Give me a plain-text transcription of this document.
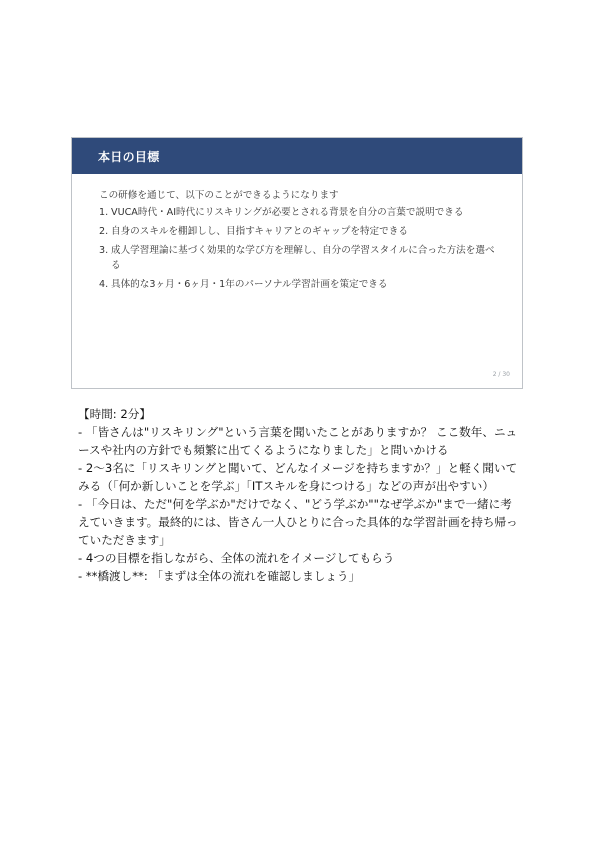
本日の目標
この研修を通じて、以下のことができるようになります
1. VUCA時代・AI時代にリスキリングが必要とされる背景を自分の言葉で説明できる
2. 自身のスキルを棚卸しし、目指すキャリアとのギャップを特定できる
3. 成人学習理論に基づく効果的な学び方を理解し、自分の学習スタイルに合った方法を選べる
4. 具体的な3ヶ月・6ヶ月・1年のパーソナル学習計画を策定できる
2 / 30

【時間: 2分】

- 「皆さんは"リスキリング"という言葉を聞いたことがありますか？ ここ数年、ニュースや社内の方針でも頻繁に出てくるようになりました」と問いかける

- 2〜3名に「リスキリングと聞いて、どんなイメージを持ちますか？」と軽く聞いてみる（「何か新しいことを学ぶ」「ITスキルを身につける」などの声が出やすい）

- 「今日は、ただ"何を学ぶか"だけでなく、"どう学ぶか""なぜ学ぶか"まで一緒に考えていきます。最終的には、皆さん一人ひとりに合った具体的な学習計画を持ち帰っていただきます」

- 4つの目標を指しながら、全体の流れをイメージしてもらう

- **橋渡し**: 「まずは全体の流れを確認しましょう」
